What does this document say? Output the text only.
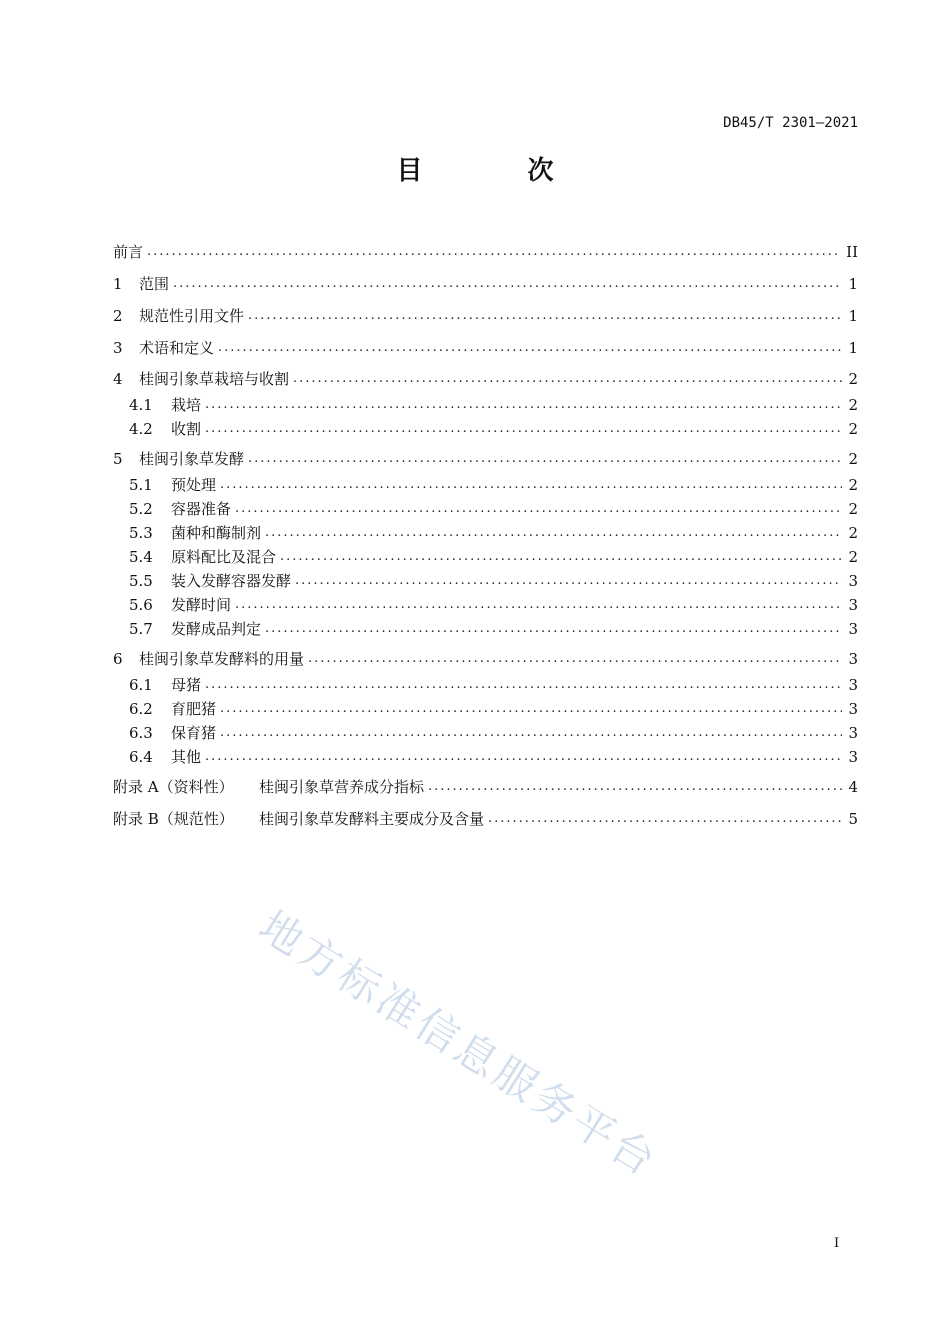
DB45/T 2301—2021
目 次
前言 .....	II
1	范围 .....	1
2	规范性引用文件 .....	1
3	术语和定义 .....	1
4	桂闽引象草栽培与收割 .....	2
4.1	栽培 .....	2
4.2	收割 .....	2
5	桂闽引象草发酵 .....	2
5.1	预处理 .....	2
5.2	容器准备 .....	2
5.3	菌种和酶制剂 .....	2
5.4	原料配比及混合 .....	2
5.5	装入发酵容器发酵 .....	3
5.6	发酵时间 .....	3
5.7	发酵成品判定 .....	3
6	桂闽引象草发酵料的用量 .....	3
6.1	母猪 .....	3
6.2	育肥猪 .....	3
6.3	保育猪 .....	3
6.4	其他 .....	3
附录 A（资料性）	桂闽引象草营养成分指标 .....	4
附录 B（规范性）	桂闽引象草发酵料主要成分及含量 .....	5
地方标准信息服务平台
I
